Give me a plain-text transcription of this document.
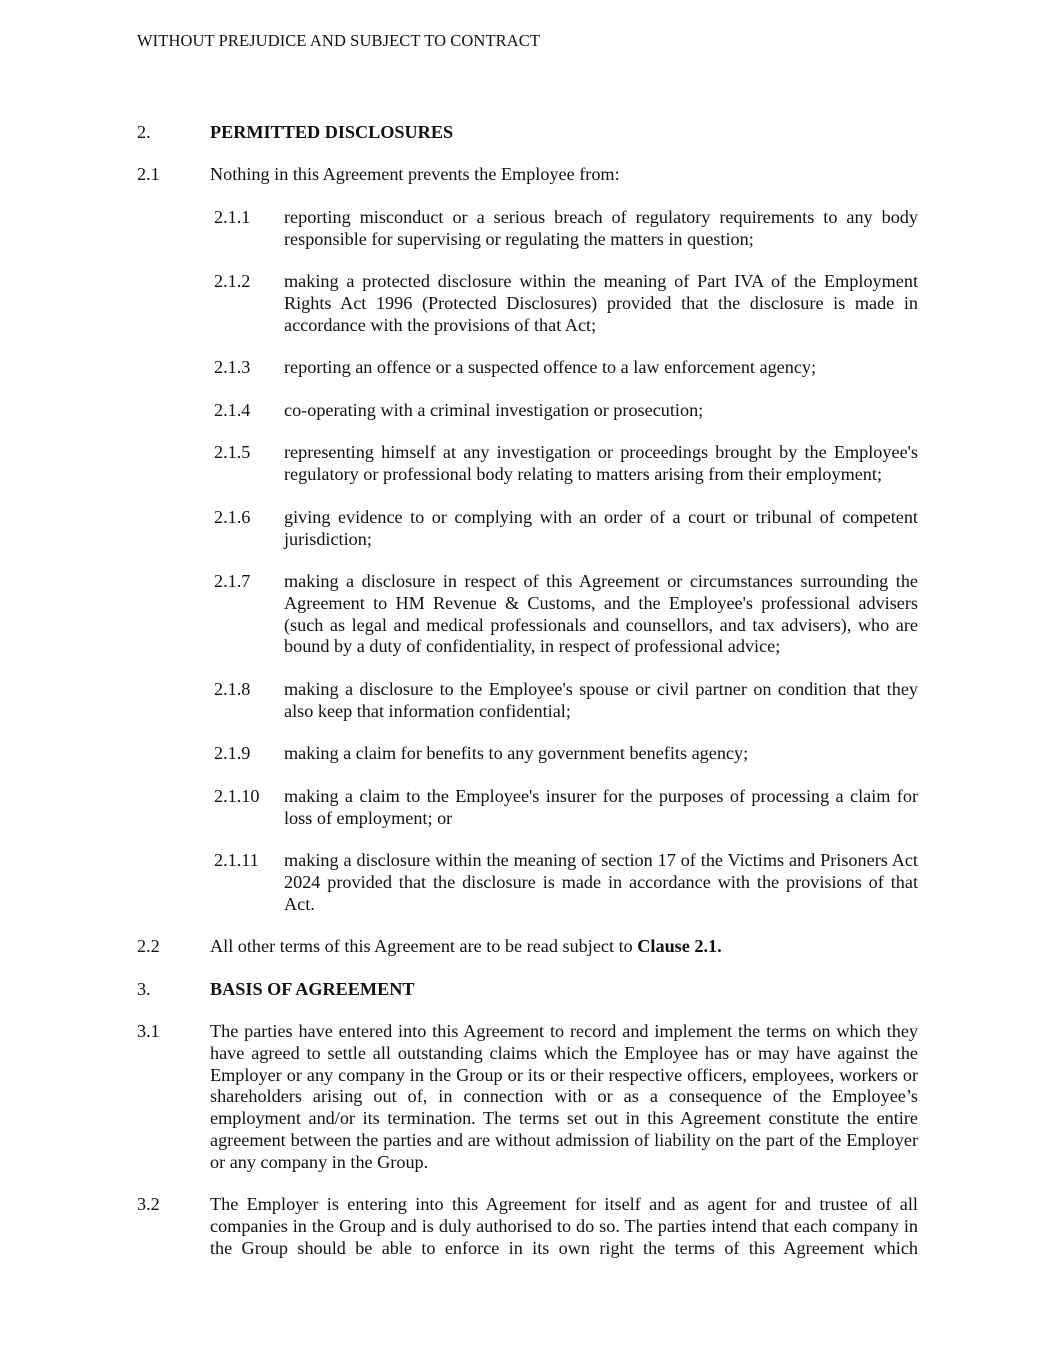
WITHOUT PREJUDICE AND SUBJECT TO CONTRACT
2.	PERMITTED DISCLOSURES
2.1	Nothing in this Agreement prevents the Employee from:
2.1.1 reporting misconduct or a serious breach of regulatory requirements to any body responsible for supervising or regulating the matters in question;
2.1.2 making a protected disclosure within the meaning of Part IVA of the Employment Rights Act 1996 (Protected Disclosures) provided that the disclosure is made in accordance with the provisions of that Act;
2.1.3 reporting an offence or a suspected offence to a law enforcement agency;
2.1.4 co-operating with a criminal investigation or prosecution;
2.1.5 representing himself at any investigation or proceedings brought by the Employee's regulatory or professional body relating to matters arising from their employment;
2.1.6 giving evidence to or complying with an order of a court or tribunal of competent jurisdiction;
2.1.7 making a disclosure in respect of this Agreement or circumstances surrounding the Agreement to HM Revenue & Customs, and the Employee's professional advisers (such as legal and medical professionals and counsellors, and tax advisers), who are bound by a duty of confidentiality, in respect of professional advice;
2.1.8 making a disclosure to the Employee's spouse or civil partner on condition that they also keep that information confidential;
2.1.9 making a claim for benefits to any government benefits agency;
2.1.10 making a claim to the Employee's insurer for the purposes of processing a claim for loss of employment; or
2.1.11 making a disclosure within the meaning of section 17 of the Victims and Prisoners Act 2024 provided that the disclosure is made in accordance with the provisions of that Act.
2.2	All other terms of this Agreement are to be read subject to Clause 2.1.
3.	BASIS OF AGREEMENT
3.1	The parties have entered into this Agreement to record and implement the terms on which they have agreed to settle all outstanding claims which the Employee has or may have against the Employer or any company in the Group or its or their respective officers, employees, workers or shareholders arising out of, in connection with or as a consequence of the Employee’s employment and/or its termination. The terms set out in this Agreement constitute the entire agreement between the parties and are without admission of liability on the part of the Employer or any company in the Group.
3.2	The Employer is entering into this Agreement for itself and as agent for and trustee of all companies in the Group and is duly authorised to do so. The parties intend that each company in the Group should be able to enforce in its own right the terms of this Agreement which
